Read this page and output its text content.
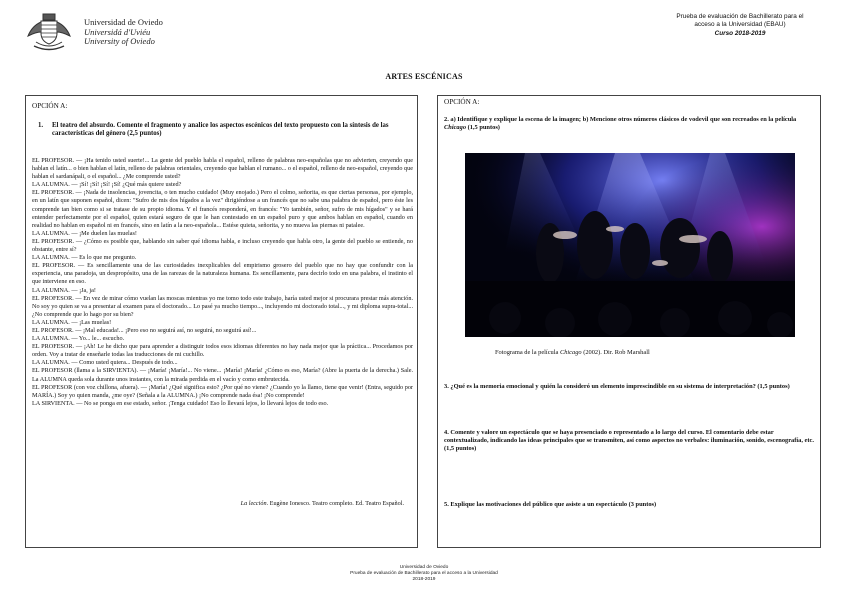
Universidad de Oviedo
Universidá d'Uviéu
University of Oviedo
Prueba de evaluación de Bachillerato para el
acceso a la Universidad (EBAU)
Curso 2018-2019
ARTES ESCÉNICAS
OPCIÓN A:
1. El teatro del absurdo. Comente el fragmento y analice los aspectos escénicos del texto propuesto con la síntesis de las características del género (2,5 puntos)

EL PROFESOR. — ¡Ha tenido usted suerte!... La gente del pueblo habla el español, relleno de palabras neo-españolas que no advierten, creyendo que hablan el latín... o bien hablan el latín, relleno de palabras orientales, creyendo que hablan el rumano... o el español, relleno de neo-español, creyendo que hablan el sardanápali, o el español... ¿Me comprende usted?

LA ALUMNA. — ¡Sí! ¡Sí! ¡Sí! ¡Sí! ¿Qué más quiere usted?

EL PROFESOR. — ¡Nada de insolencias, jovencita, o ten mucho cuidado! (Muy enojado.) Pero el colmo, señorita, es que ciertas personas, por ejemplo, en un latín que suponen español, dicen: "Sufro de mis dos hígados a la vez" dirigiéndose a un francés que no sabe una palabra de español, pero éste les comprende tan bien como si se tratase de su propio idioma. Y el francés responderá, en francés: "Yo también, señor, sufro de mis hígados" y se hará entender perfectamente por el español, quien estará seguro de que le han contestado en un español puro y que ambos hablan en español, cuando en realidad no hablan en español ni en francés, sino en latín a la neo-española... Estése quieta, señorita, y no mueva las piernas ni patalee.

LA ALUMNA. — ¡Me duelen las muelas!

EL PROFESOR. — ¿Cómo es posible que, hablando sin saber qué idioma habla, e incluso creyendo que habla otro, la gente del pueblo se entiende, no obstante, entre sí?

LA ALUMNA. — Es lo que me pregunto.

EL PROFESOR. — Es sencillamente una de las curiosidades inexplicables del empirismo grosero del pueblo que no hay que confundir con la experiencia, una paradoja, un despropósito, una de las rarezas de la naturaleza humana. Es sencillamente, para decirlo todo en una palabra, el instinto el que interviene en eso.

LA ALUMNA. — ¡Ja, ja!

EL PROFESOR. — En vez de mirar cómo vuelan las moscas mientras yo me tomo todo este trabajo, haría usted mejor si procurara prestar más atención. No soy yo quien se va a presentar al examen para el doctorado... Lo pasé ya mucho tiempo..., incluyendo mi doctorado total..., y mi diploma supra-total... ¿No comprende que lo hago por su bien?

LA ALUMNA. — ¡Las muelas!

EL PROFESOR. — ¡Mal educada!... ¡Pero eso no seguirá así, no seguirá, no seguirá así!...

LA ALUMNA. — Yo... le... escucho.

EL PROFESOR. — ¡Ah! Le he dicho que para aprender a distinguir todos esos idiomas diferentes no hay nada mejor que la práctica... Procedamos por orden. Voy a tratar de enseñarle todas las traducciones de mi cuchillo.

LA ALUMNA. — Como usted quiera... Después de todo...

EL PROFESOR (llama a la SIRVIENTA). — ¡María! ¡María!... No viene... ¡María! ¡María! ¿Cómo es eso, María? (Abre la puerta de la derecha.) Sale. La ALUMNA queda sola durante unos instantes, con la mirada perdida en el vacío y como embrutecida.

EL PROFESOR (con voz chillona, afuera). — ¡María! ¿Qué significa esto? ¿Por qué no viene? ¿Cuando yo la llamo, tiene que venir! (Entra, seguido por MARÍA.) Soy yo quien manda, ¿me oye? (Señala a la ALUMNA.) ¡No comprende nada ésa! ¡No comprende!

LA SIRVIENTA. — No se ponga en ese estado, señor. ¡Tenga cuidado! Eso lo llevará lejos, lo llevará lejos de todo eso.

La lección. Eugène Ionesco. Teatro completo. Ed. Teatro Español.
OPCIÓN A:
2. a) Identifique y explique la escena de la imagen; b) Mencione otros números clásicos de vodevil que son recreados en la película Chicago (1,5 puntos)
Fotograma de la película Chicago (2002). Dir. Rob Marshall
3. ¿Qué es la memoria emocional y quién la consideró un elemento imprescindible en su sistema de interpretación? (1,5 puntos)
4. Comente y valore un espectáculo que se haya presenciado o representado a lo largo del curso. El comentario debe estar contextualizado, indicando las ideas principales que se transmiten, así como aspectos no verbales: iluminación, sonido, escenografía, etc. (1,5 puntos)
5. Explique las motivaciones del público que asiste a un espectáculo (3 puntos)
Universidad de Oviedo
Prueba de evaluación de Bachillerato para el acceso a la Universidad
2018-2019
